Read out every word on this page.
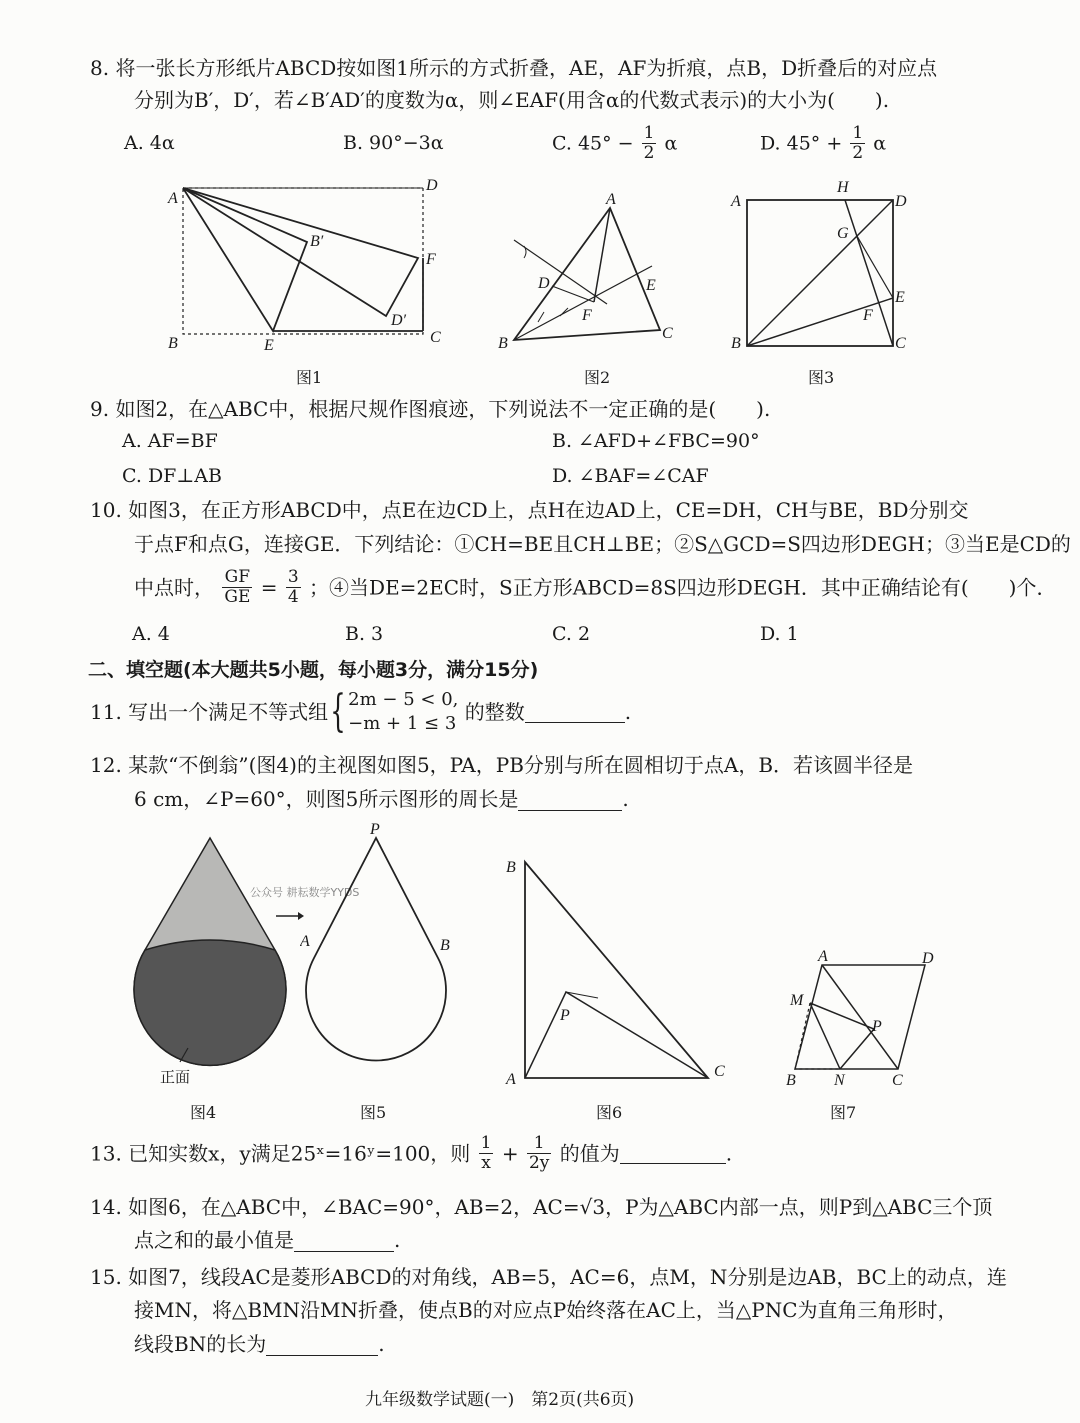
8. 将一张长方形纸片ABCD按如图1所示的方式折叠，AE，AF为折痕，点B，D折叠后的对应点
分别为B′，D′，若∠B′AD′的度数为α，则∠EAF(用含α的代数式表示)的大小为(　　).
A. 4α	B. 90°−3α	C. $45^\circ - \frac{1}{2}$ α	D. $45^\circ + \frac{1}{2}$ α
A
D
B	C
E
F
B′
D′
图1
A
B
C
D	E
F
图2
A	D
B	C
H
G
E
F
图3
9. 如图2，在△ABC中，根据尺规作图痕迹，下列说法不一定正确的是(　　).
A. AF=BF	B. ∠AFD+∠FBC=90°
C. DF⊥AB	D. ∠BAF=∠CAF
10. 如图3，在正方形ABCD中，点E在边CD上，点H在边AD上，CE=DH，CH与BE，BD分别交
于点F和点G，连接GE．下列结论：①CH=BE且CH⊥BE；②S△GCD=S四边形DEGH；③当E是CD的
中点时， $\frac{GF}{GE} = \frac{3}{4}$ ；④当DE=2EC时，S正方形ABCD=8S四边形DEGH．其中正确结论有(　　)个．
A. 4	B. 3	C. 2	D. 1
二、填空题(本大题共5小题，每小题3分，满分15分)
11. 写出一个满足不等式组{ 2m − 5 < 0,
−m + 1 ≤ 3 的整数	.
12. 某款“不倒翁”(图4)的主视图如图5，PA，PB分别与所在圆相切于点A，B．若该圆半径是
6 cm，∠P=60°，则图5所示图形的周长是	.
正面
图4
公众号 耕耘数学YYDS
P
A	B
图5
B
A	C
P
图6
A	D
M
P
B N	C
图7
13. 已知实数x，y满足25ˣ=16ʸ=100，则 $\frac{1}{x} + \frac{1}{2y}$ 的值为	.
14. 如图6，在△ABC中，∠BAC=90°，AB=2，AC=√3，P为△ABC内部一点，则P到△ABC三个顶
点之和的最小值是	.
15. 如图7，线段AC是菱形ABCD的对角线，AB=5，AC=6，点M，N分别是边AB，BC上的动点，连
接MN，将△BMN沿MN折叠，使点B的对应点P始终落在AC上，当△PNC为直角三角形时，
线段BN的长为	.
九年级数学试题(一)　第2页(共6页)
